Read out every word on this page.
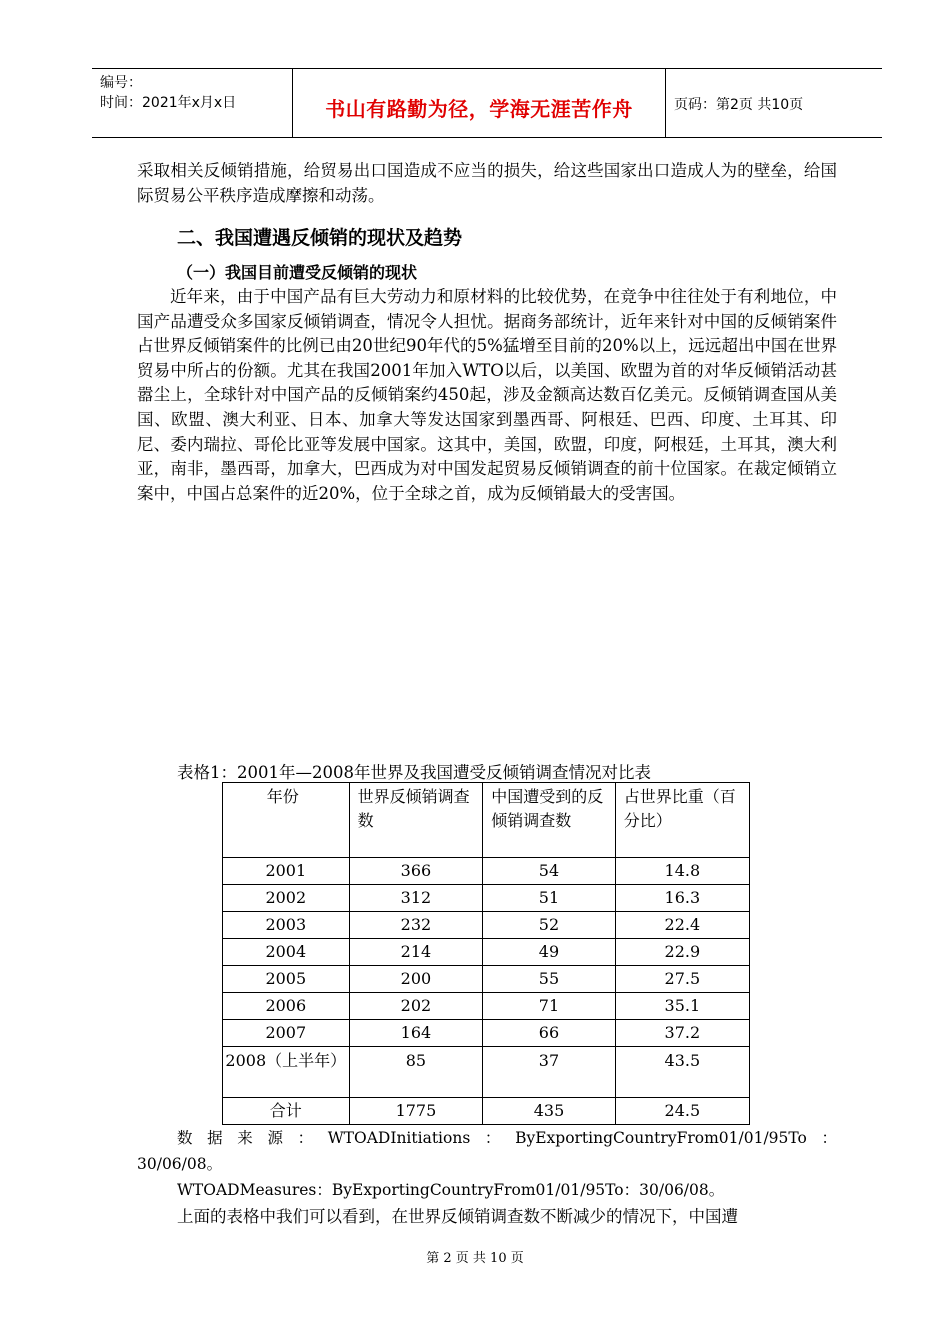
编号：
时间：2021年x月x日	书山有路勤为径，学海无涯苦作舟	页码：第2页 共10页
采取相关反倾销措施，给贸易出口国造成不应当的损失，给这些国家出口造成人为的壁垒，给国际贸易公平秩序造成摩擦和动荡。
二、我国遭遇反倾销的现状及趋势
（一）我国目前遭受反倾销的现状
近年来，由于中国产品有巨大劳动力和原材料的比较优势，在竞争中往往处于有利地位，中国产品遭受众多国家反倾销调查，情况令人担忧。据商务部统计，近年来针对中国的反倾销案件占世界反倾销案件的比例已由20世纪90年代的5%猛增至目前的20%以上，远远超出中国在世界贸易中所占的份额。尤其在我国2001年加入WTO以后，以美国、欧盟为首的对华反倾销活动甚嚣尘上，全球针对中国产品的反倾销案约450起，涉及金额高达数百亿美元。反倾销调查国从美国、欧盟、澳大利亚、日本、加拿大等发达国家到墨西哥、阿根廷、巴西、印度、土耳其、印尼、委内瑞拉、哥伦比亚等发展中国家。这其中，美国，欧盟，印度，阿根廷，土耳其，澳大利亚，南非，墨西哥，加拿大，巴西成为对中国发起贸易反倾销调查的前十位国家。在裁定倾销立案中，中国占总案件的近20%，位于全球之首，成为反倾销最大的受害国。
表格1：2001年—2008年世界及我国遭受反倾销调查情况对比表
年份	世界反倾销调查数	中国遭受到的反倾销调查数	占世界比重（百分比）
2001	366	54	14.8
2002	312	51	16.3
2003	232	52	22.4
2004	214	49	22.9
2005	200	55	27.5
2006	202	71	35.1
2007	164	66	37.2
2008（上半年）	85	37	43.5
合计	1775	435	24.5
数据来源：WTOADInitiations：ByExportingCountryFrom01/01/95To：
30/06/08。
WTOADMeasures：ByExportingCountryFrom01/01/95To：30/06/08。
上面的表格中我们可以看到，在世界反倾销调查数不断减少的情况下，中国遭
第 2 页 共 10 页
